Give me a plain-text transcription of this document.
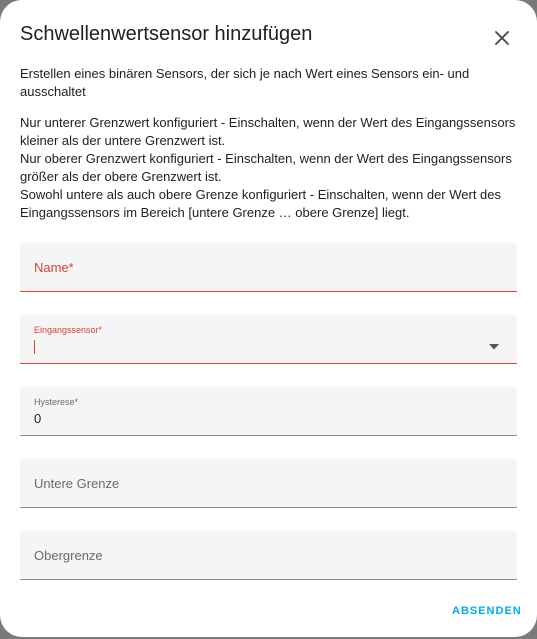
Schwellenwertsensor hinzufügen

Erstellen eines binären Sensors, der sich je nach Wert eines Sensors ein- und ausschaltet

Nur unterer Grenzwert konfiguriert - Einschalten, wenn der Wert des Eingangssensors kleiner als der untere Grenzwert ist.

Nur oberer Grenzwert konfiguriert - Einschalten, wenn der Wert des Eingangssensors größer als der obere Grenzwert ist.

Sowohl untere als auch obere Grenze konfiguriert - Einschalten, wenn der Wert des Eingangssensors im Bereich [untere Grenze … obere Grenze] liegt.

Name*
Eingangssensor*
Hysterese*
0
Untere Grenze
Obergrenze
ABSENDEN
